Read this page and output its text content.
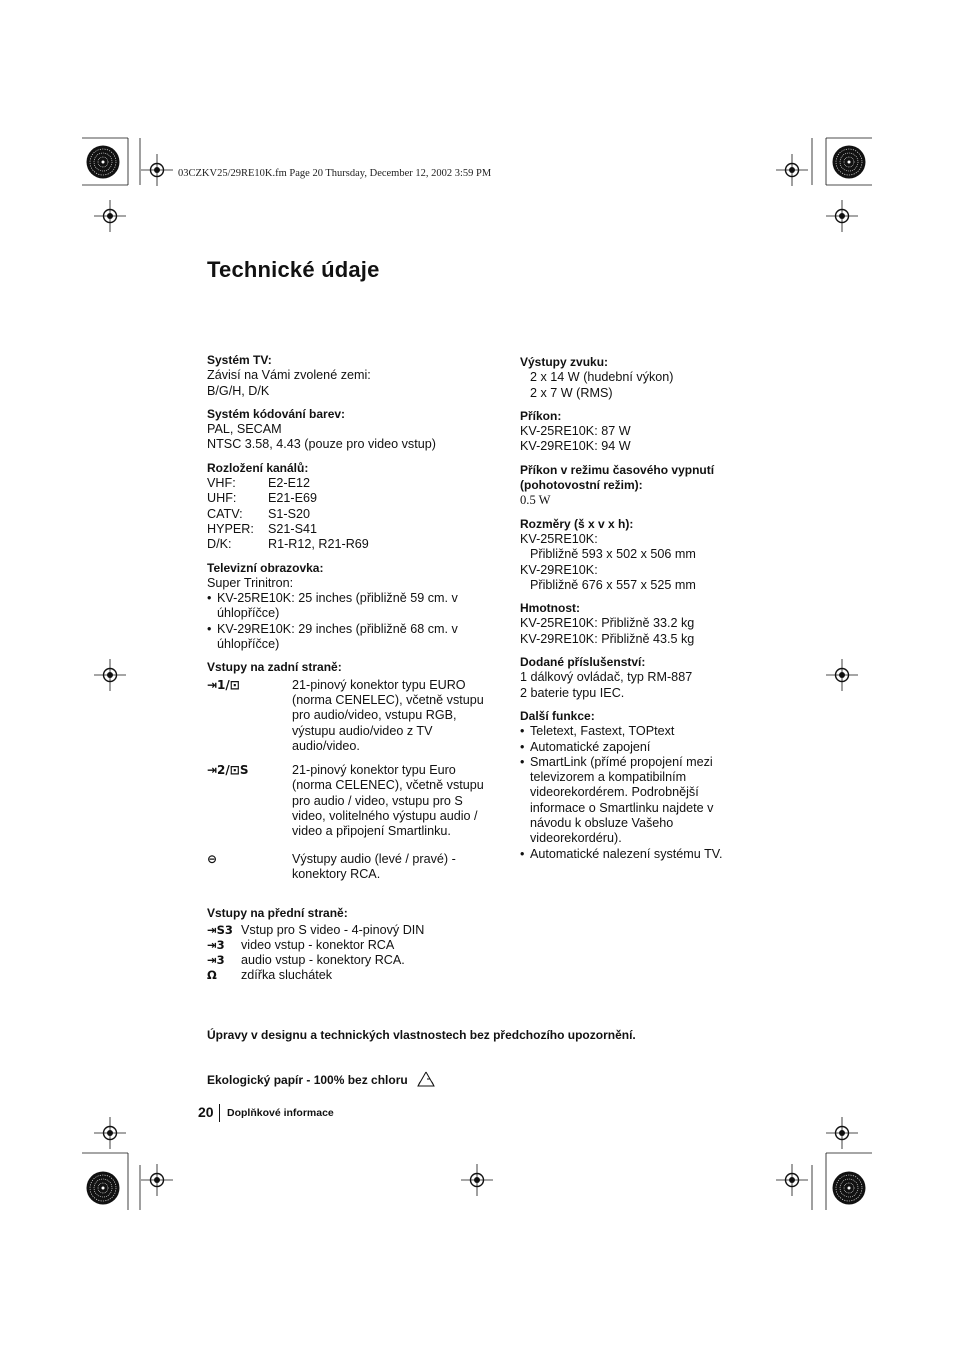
03CZKV25/29RE10K.fm Page 20 Thursday, December 12, 2002 3:59 PM
Technické údaje
Systém TV:
Závisí na Vámi zvolené zemi:
B/G/H, D/K
Systém kódování barev:
PAL, SECAM
NTSC 3.58, 4.43 (pouze pro video vstup)
Rozložení kanálů:
VHF:	E2-E12
UHF:	E21-E69
CATV:	S1-S20
HYPER:	S21-S41
D/K:	R1-R12, R21-R69
Televizní obrazovka:
Super Trinitron:
• KV-25RE10K: 25 inches (přibližně 59 cm. v úhlopříčce)
• KV-29RE10K: 29 inches (přibližně 68 cm. v úhlopříčce)
Vstupy na zadní straně:
⇥1/⊡	21-pinový konektor typu EURO (norma CENELEC), včetně vstupu pro audio/video, vstupu RGB, výstupu audio/video z TV audio/video.
⇥2/⊡S	21-pinový konektor typu Euro (norma CELENEC), včetně vstupu pro audio / video, vstupu pro S video, volitelného výstupu audio / video a připojení Smartlinku.
⊖	Výstupy audio (levé / pravé) - konektory RCA.
Vstupy na přední straně:
⇥S3 Vstup pro S video - 4-pinový DIN
⇥3	video vstup - konektor RCA
⇥3	audio vstup - konektory RCA.
Ω	zdířka sluchátek
Výstupy zvuku:
2 x 14 W (hudební výkon)
2 x 7 W (RMS)
Příkon:
KV-25RE10K: 87 W
KV-29RE10K: 94 W
Příkon v režimu časového vypnutí
(pohotovostní režim):
0.5 W
Rozměry (š x v x h):
KV-25RE10K:
Přibližně 593 x 502 x 506 mm
KV-29RE10K:
Přibližně 676 x 557 x 525 mm
Hmotnost:
KV-25RE10K: Přibližně 33.2 kg
KV-29RE10K: Přibližně 43.5 kg
Dodané příslušenství:
1 dálkový ovládač, typ RM-887
2 baterie typu IEC.
Další funkce:
• Teletext, Fastext, TOPtext
• Automatické zapojení
• SmartLink (přímé propojení mezi televizorem a kompatibilním videorekordérem. Podrobnější informace o Smartlinku najdete v návodu k obsluze Vašeho videorekordéru).
• Automatické nalezení systému TV.
Úpravy v designu a technických vlastnostech bez předchozího upozornění.
Ekologický papír - 100% bez chloru
20 Doplňkové informace
